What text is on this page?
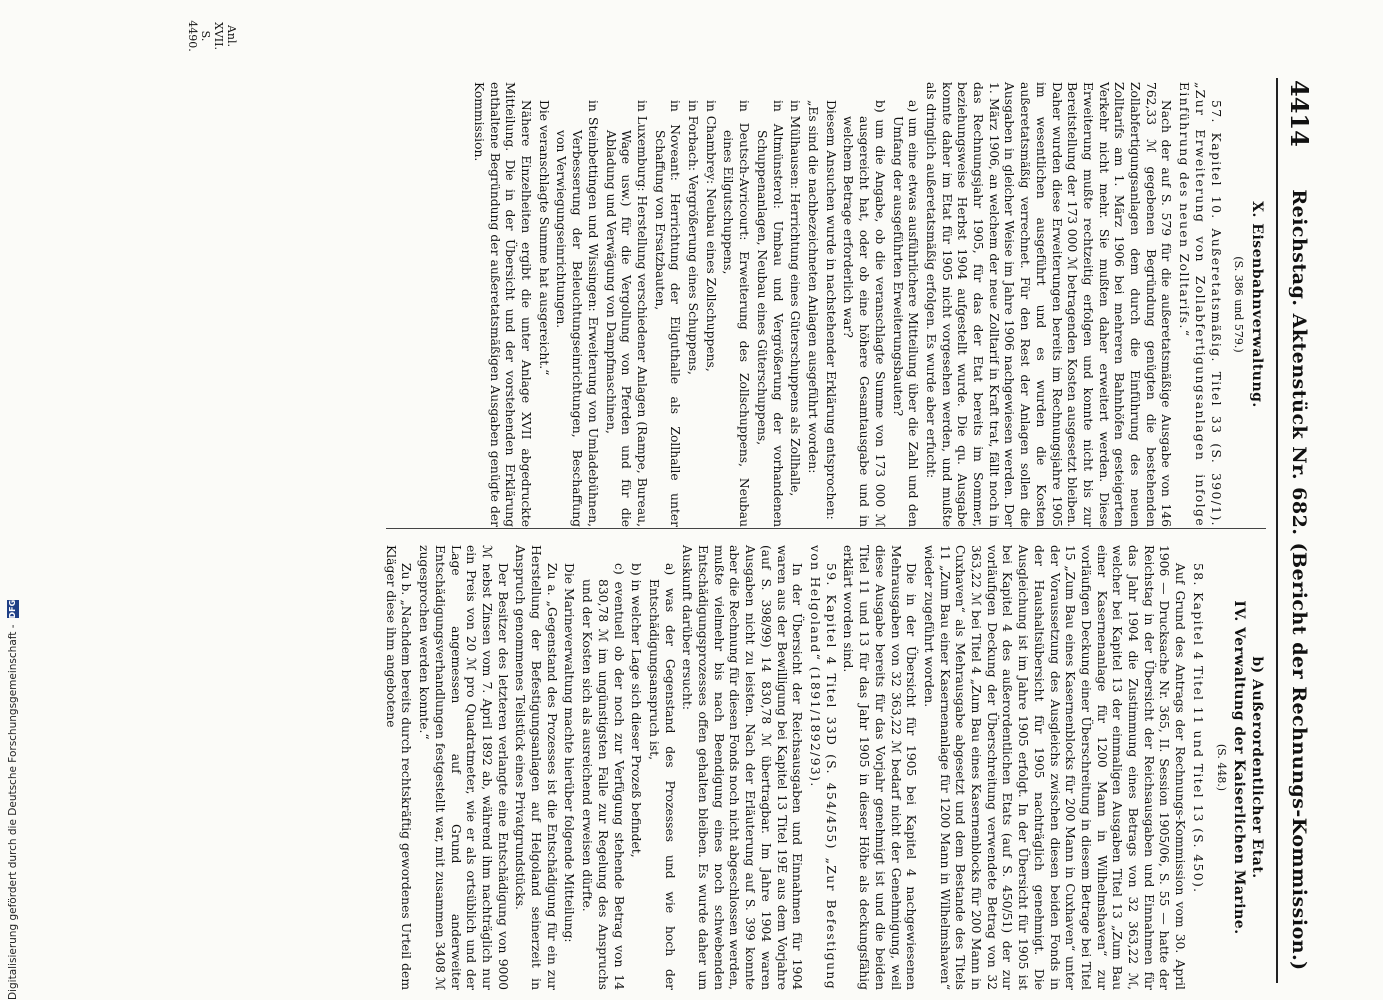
4414
Reichstag. Aktenstück Nr. 682. (Bericht der Rechnungs-Kommission.)
X. Eisenbahnverwaltung.
(S. 386 und 579.)

57. Kapitel 10. Außeretatsmäßig. Titel 33 (S. 390/1). „Zur Erweiterung von Zollabfertigungsanlagen infolge Einführung des neuen Zolltarifs.“

Nach der auf S. 579 für die außeretatsmäßige Ausgabe von 146 762,33 ℳ gegebenen Begründung genügten die bestehenden Zollabfertigungsanlagen dem durch die Einführung des neuen Zolltarifs am 1. März 1906 bei mehreren Bahnhöfen gesteigerten Verkehr nicht mehr. Sie mußten daher erweitert werden. Diese Erweiterung mußte rechtzeitig erfolgen und konnte nicht bis zur Bereitstellung der 173 000 ℳ betragenden Kosten ausgesetzt bleiben. Daher wurden diese Erweiterungen bereits im Rechnungsjahre 1905 im wesentlichen ausgeführt und es wurden die Kosten außeretatsmäßig verrechnet. Für den Rest der Anlagen sollen die Ausgaben in gleicher Weise im Jahre 1906 nachgewiesen werden. Der 1. März 1906, an welchem der neue Zolltarif in Kraft trat, fällt noch in das Rechnungsjahr 1905, für das der Etat bereits im Sommer, beziehungsweise Herbst 1904 aufgestellt wurde. Die qu. Ausgabe konnte daher im Etat für 1905 nicht vorgesehen werden, und mußte als dringlich außeretatsmäßig erfolgen. Es wurde aber erfucht:

a) um eine etwas ausführlichere Mitteilung über die Zahl und den Umfang der ausgeführten Erweiterungsbauten?

b) um die Angabe, ob die veranschlagte Summe von 173 000 ℳ ausgereicht hat, oder ob eine höhere Gesamtausgabe und in welchem Betrage erforderlich war?

Diesem Ansuchen wurde in nachstehender Erklärung entsprochen:

„Es sind die nachbezeichneten Anlagen ausgeführt worden:

in Mülhausen: Herrichtung eines Güterschuppens als Zollhalle,

in Altmünsterol: Umbau und Vergrößerung der vorhandenen Schuppenanlagen, Neubau eines Güterschuppens,

in Deutsch-Avricourt: Erweiterung des Zollschuppens, Neubau eines Eilgutschuppens,

in Chambrey: Neubau eines Zollschuppens,

in Forbach: Vergrößerung eines Schuppens,

in Noveant: Herrichtung der Eilguthalle als Zollhalle unter Schaffung von Ersatzbauten,

in Luxemburg: Herstellung verschiedener Anlagen (Rampe, Bureau, Wage usw.) für die Vergollung von Pferden und für die Abladung und Verwägung von Dampfmaschinen,

in Steinbettingen und Wissingen: Erweiterung von Umladebühnen, Verbesserung der Beleuchtungseinrichtungen, Beschaffung von Verwiegungseinrichtungen.

Die veranschlagte Summe hat ausgereicht.“

Nähere Einzelheiten ergibt die unter Anlage XVII abgedruckte Mitteilung. Die in der Übersicht und der vorstehenden Erklärung enthaltene Begründung der außeretatsmäßigen Ausgaben genügte der Kommission.

b) Außerordentlicher Etat.
IV. Verwaltung der Kaiserlichen Marine.
(S. 448.)

58. Kapitel 4 Titel 11 und Titel 13 (S. 450).

Auf Grund des Antrags der Rechnungs-Kommission vom 30. April 1906 — Drucksache Nr. 365, II. Session 1905/06, S. 55 — hatte der Reichstag in der Übersicht der Reichsausgaben und Einnahmen für das Jahr 1904 die Zustimmung eines Betrags von 32 363,22 ℳ, welcher bei Kapitel 13 der einmaligen Ausgaben Titel 13 „Zum Bau einer Kasernenanlage für 1200 Mann in Wilhelmshaven“ zur vorläufigen Deckung einer Überschreitung in diesem Betrage bei Titel 15 „Zum Bau eines Kasernenblocks für 200 Mann in Cuxhaven“ unter der Voraussetzung des Ausgleichs zwischen diesen beiden Fonds in der Haushaltsübersicht für 1905 nachträglich genehmigt. Die Ausgleichung ist im Jahre 1905 erfolgt. In der Übersicht für 1905 ist bei Kapitel 4 des außerordentlichen Etats (auf S. 450/51) der zur vorläufigen Deckung der Überschreitung verwendete Betrag von 32 363,22 ℳ bei Titel 4 „Zum Bau eines Kasernenblocks für 200 Mann in Cuxhaven“ als Mehrausgabe abgesetzt und dem Bestande des Titels 11 „Zum Bau einer Kasernenanlage für 1200 Mann in Wilhelmshaven“ wieder zugeführt worden.

Die in der Übersicht für 1905 bei Kapitel 4 nachgewiesenen Mehrausgaben von 32 363,22 ℳ bedarf nicht der Genehmigung, weil diese Ausgabe bereits für das Vorjahr genehmigt ist und die beiden Titel 11 und 13 für das Jahr 1905 in dieser Höhe als deckungsfähig erklärt worden sind.

59. Kapitel 4 Titel 33D (S. 454/455) „Zur Befestigung von Helgoland“ (1891/1892/93).

In der Übersicht der Reichsausgaben und Einnahmen für 1904 waren aus der Bewilligung bei Kapitel 13 Titel 19E aus dem Vorjahre (auf S. 398/99) 14 830,78 ℳ übertragbar. Im Jahre 1904 waren Ausgaben nicht zu leisten. Nach der Erläuterung auf S. 399 konnte aber die Rechnung für diesen Fonds noch nicht abgeschlossen werden, mußte vielmehr bis nach Beendigung eines noch schwebenden Entschädigungsprozesses offen gehalten bleiben. Es wurde daher um Auskunft darüber ersucht:

a) was der Gegenstand des Prozesses und wie hoch der Entschädigungsanspruch ist,

b) in welcher Lage sich dieser Prozeß befindet,

c) eventuell ob der noch zur Verfügung stehende Betrag von 14 830,78 ℳ im ungünstigsten Falle zur Regelung des Anspruchs und der Kosten sich als ausreichend erweisen dürfte.

Die Marineverwaltung machte hierüber folgende Mitteilung:

Zu a. „Gegenstand des Prozesses ist die Entschädigung für ein zur Herstellung der Befestigungsanlagen auf Helgoland seinerzeit in Anspruch genommenes Teilstück eines Privatgrundstücks.

Der Besitzer des letzteren verlangte eine Entschädigung von 9000 ℳ nebst Zinsen vom 7. April 1892 ab, während ihm nachträglich nur ein Preis von 20 ℳ pro Quadratmeter, wie er als ortsüblich und der Lage angemessen auf Grund anderweiter Entschädigungsverhandlungen festgestellt war, mit zusammen 3408 ℳ zugesprochen werden konnte.“

Zu b. „Nachdem bereits durch rechtskräftig gewordenes Urteil dem Kläger diese ihm angebotene

Anl. XVII. S. 4490.
Digitalisierung gefördert durch die Deutsche Forschungsgemeinschaft -
DFG
